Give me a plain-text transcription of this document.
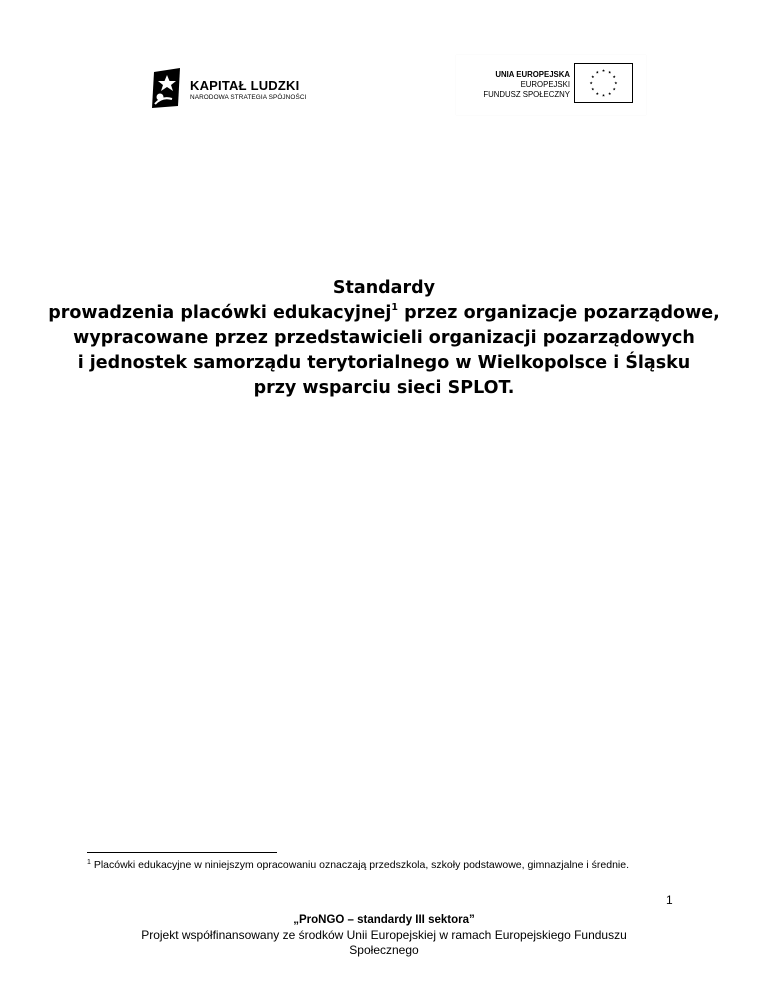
KAPITAŁ LUDZKI
NARODOWA STRATEGIA SPÓJNOŚCI
UNIA EUROPEJSKA
EUROPEJSKI
FUNDUSZ SPOŁECZNY
Standardy
prowadzenia placówki edukacyjnej$^1$ przez organizacje pozarządowe,
wypracowane przez przedstawicieli organizacji pozarządowych
i jednostek samorządu terytorialnego w Wielkopolsce i Śląsku
przy wsparciu sieci SPLOT.
$^1$ Placówki edukacyjne w niniejszym opracowaniu oznaczają przedszkola, szkoły podstawowe, gimnazjalne i średnie.
1
„ProNGO – standardy III sektora”
Projekt współfinansowany ze środków Unii Europejskiej w ramach Europejskiego Funduszu
Społecznego
